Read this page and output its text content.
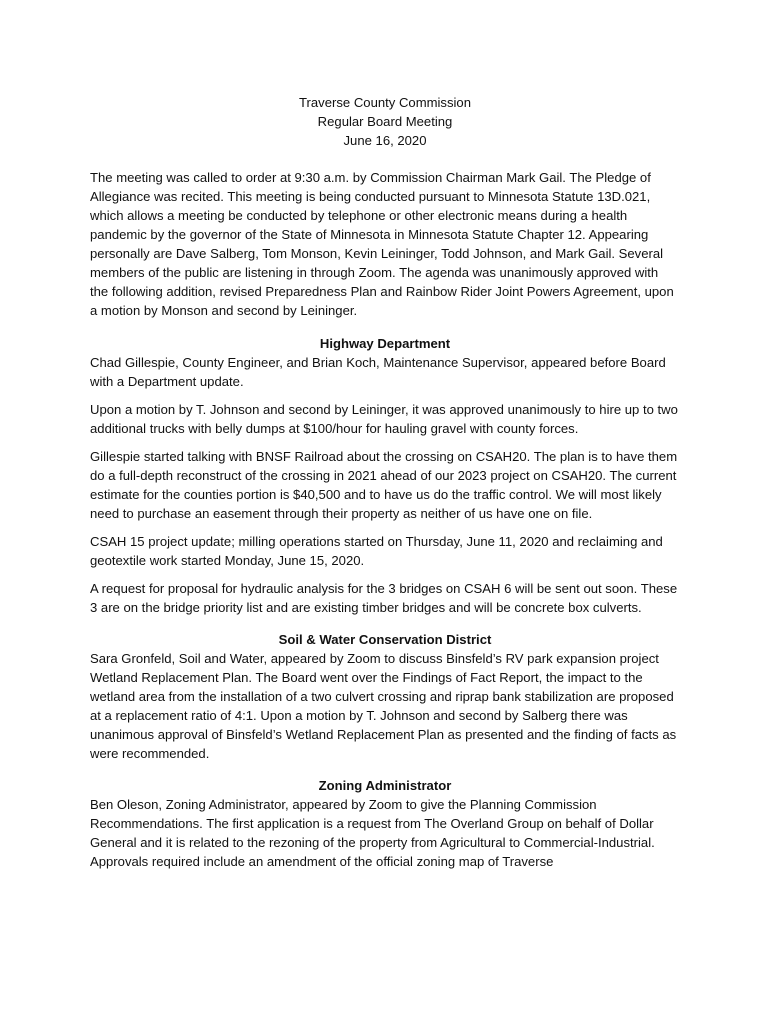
Traverse County Commission
Regular Board Meeting
June 16, 2020

The meeting was called to order at 9:30 a.m. by Commission Chairman Mark Gail. The Pledge of Allegiance was recited. This meeting is being conducted pursuant to Minnesota Statute 13D.021, which allows a meeting be conducted by telephone or other electronic means during a health pandemic by the governor of the State of Minnesota in Minnesota Statute Chapter 12. Appearing personally are Dave Salberg, Tom Monson, Kevin Leininger, Todd Johnson, and Mark Gail. Several members of the public are listening in through Zoom. The agenda was unanimously approved with the following addition, revised Preparedness Plan and Rainbow Rider Joint Powers Agreement, upon a motion by Monson and second by Leininger.

Highway Department

Chad Gillespie, County Engineer, and Brian Koch, Maintenance Supervisor, appeared before Board with a Department update.

Upon a motion by T. Johnson and second by Leininger, it was approved unanimously to hire up to two additional trucks with belly dumps at $100/hour for hauling gravel with county forces.

Gillespie started talking with BNSF Railroad about the crossing on CSAH20. The plan is to have them do a full-depth reconstruct of the crossing in 2021 ahead of our 2023 project on CSAH20. The current estimate for the counties portion is $40,500 and to have us do the traffic control. We will most likely need to purchase an easement through their property as neither of us have one on file.

CSAH 15 project update; milling operations started on Thursday, June 11, 2020 and reclaiming and geotextile work started Monday, June 15, 2020.

A request for proposal for hydraulic analysis for the 3 bridges on CSAH 6 will be sent out soon. These 3 are on the bridge priority list and are existing timber bridges and will be concrete box culverts.

Soil & Water Conservation District

Sara Gronfeld, Soil and Water, appeared by Zoom to discuss Binsfeld’s RV park expansion project Wetland Replacement Plan. The Board went over the Findings of Fact Report, the impact to the wetland area from the installation of a two culvert crossing and riprap bank stabilization are proposed at a replacement ratio of 4:1. Upon a motion by T. Johnson and second by Salberg there was unanimous approval of Binsfeld’s Wetland Replacement Plan as presented and the finding of facts as were recommended.

Zoning Administrator

Ben Oleson, Zoning Administrator, appeared by Zoom to give the Planning Commission Recommendations. The first application is a request from The Overland Group on behalf of Dollar General and it is related to the rezoning of the property from Agricultural to Commercial-Industrial. Approvals required include an amendment of the official zoning map of Traverse
